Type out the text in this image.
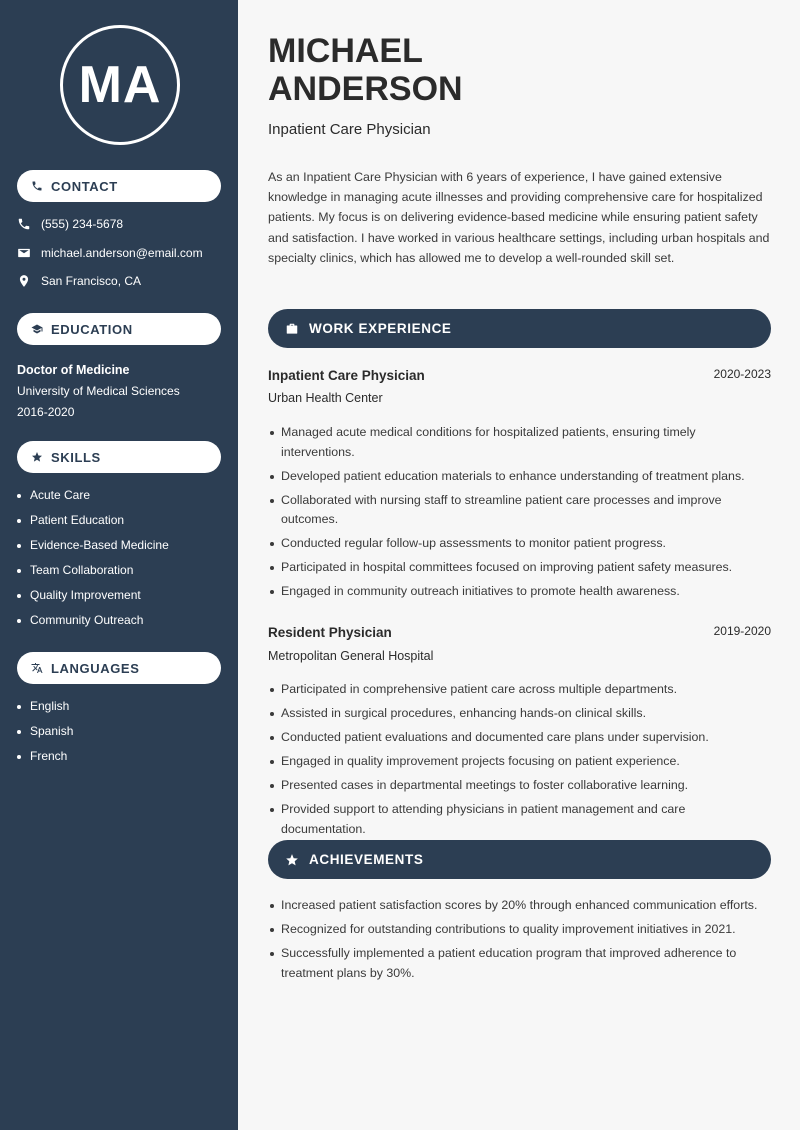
MA
CONTACT
(555) 234-5678
michael.anderson@email.com
San Francisco, CA
EDUCATION
Doctor of Medicine
University of Medical Sciences
2016-2020
SKILLS
Acute Care
Patient Education
Evidence-Based Medicine
Team Collaboration
Quality Improvement
Community Outreach
LANGUAGES
English
Spanish
French
MICHAEL
ANDERSON
Inpatient Care Physician
As an Inpatient Care Physician with 6 years of experience, I have gained extensive knowledge in managing acute illnesses and providing comprehensive care for hospitalized patients. My focus is on delivering evidence-based medicine while ensuring patient safety and satisfaction. I have worked in various healthcare settings, including urban hospitals and specialty clinics, which has allowed me to develop a well-rounded skill set.
WORK EXPERIENCE
Inpatient Care Physician	2020-2023
Urban Health Center
Managed acute medical conditions for hospitalized patients, ensuring timely interventions.
Developed patient education materials to enhance understanding of treatment plans.
Collaborated with nursing staff to streamline patient care processes and improve outcomes.
Conducted regular follow-up assessments to monitor patient progress.
Participated in hospital committees focused on improving patient safety measures.
Engaged in community outreach initiatives to promote health awareness.
Resident Physician	2019-2020
Metropolitan General Hospital
Participated in comprehensive patient care across multiple departments.
Assisted in surgical procedures, enhancing hands-on clinical skills.
Conducted patient evaluations and documented care plans under supervision.
Engaged in quality improvement projects focusing on patient experience.
Presented cases in departmental meetings to foster collaborative learning.
Provided support to attending physicians in patient management and care documentation.
ACHIEVEMENTS
Increased patient satisfaction scores by 20% through enhanced communication efforts.
Recognized for outstanding contributions to quality improvement initiatives in 2021.
Successfully implemented a patient education program that improved adherence to treatment plans by 30%.
